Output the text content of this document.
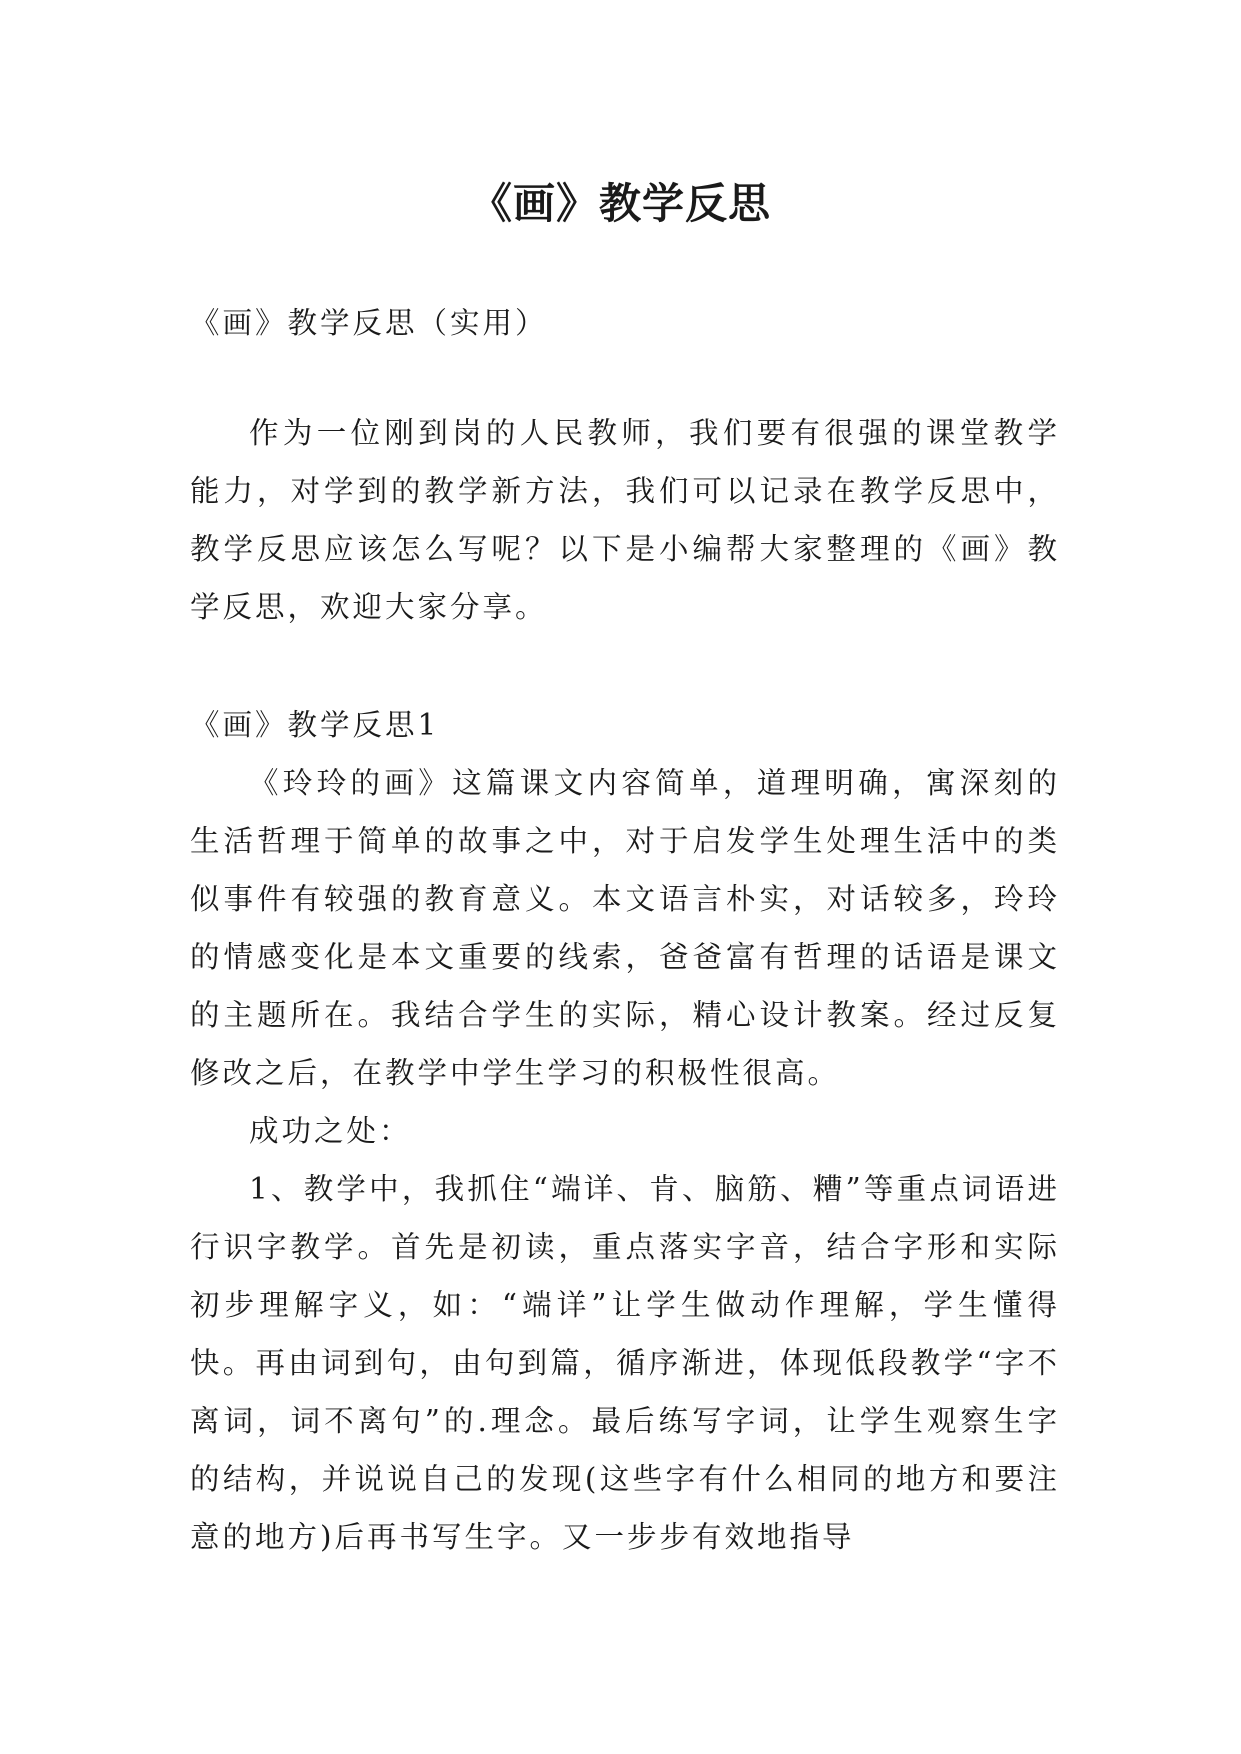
《画》教学反思

《画》教学反思（实用）

作为一位刚到岗的人民教师，我们要有很强的课堂教学能力，对学到的教学新方法，我们可以记录在教学反思中，教学反思应该怎么写呢？以下是小编帮大家整理的《画》教学反思，欢迎大家分享。

《画》教学反思1

《玲玲的画》这篇课文内容简单，道理明确，寓深刻的生活哲理于简单的故事之中，对于启发学生处理生活中的类似事件有较强的教育意义。本文语言朴实，对话较多，玲玲的情感变化是本文重要的线索，爸爸富有哲理的话语是课文的主题所在。我结合学生的实际，精心设计教案。经过反复修改之后，在教学中学生学习的积极性很高。

成功之处：

1、教学中，我抓住“端详、肯、脑筋、糟”等重点词语进行识字教学。首先是初读，重点落实字音，结合字形和实际初步理解字义，如：“端详”让学生做动作理解，学生懂得快。再由词到句，由句到篇，循序渐进，体现低段教学“字不离词，词不离句”的.理念。最后练写字词，让学生观察生字的结构，并说说自己的发现(这些字有什么相同的地方和要注意的地方)后再书写生字。又一步步有效地指导
